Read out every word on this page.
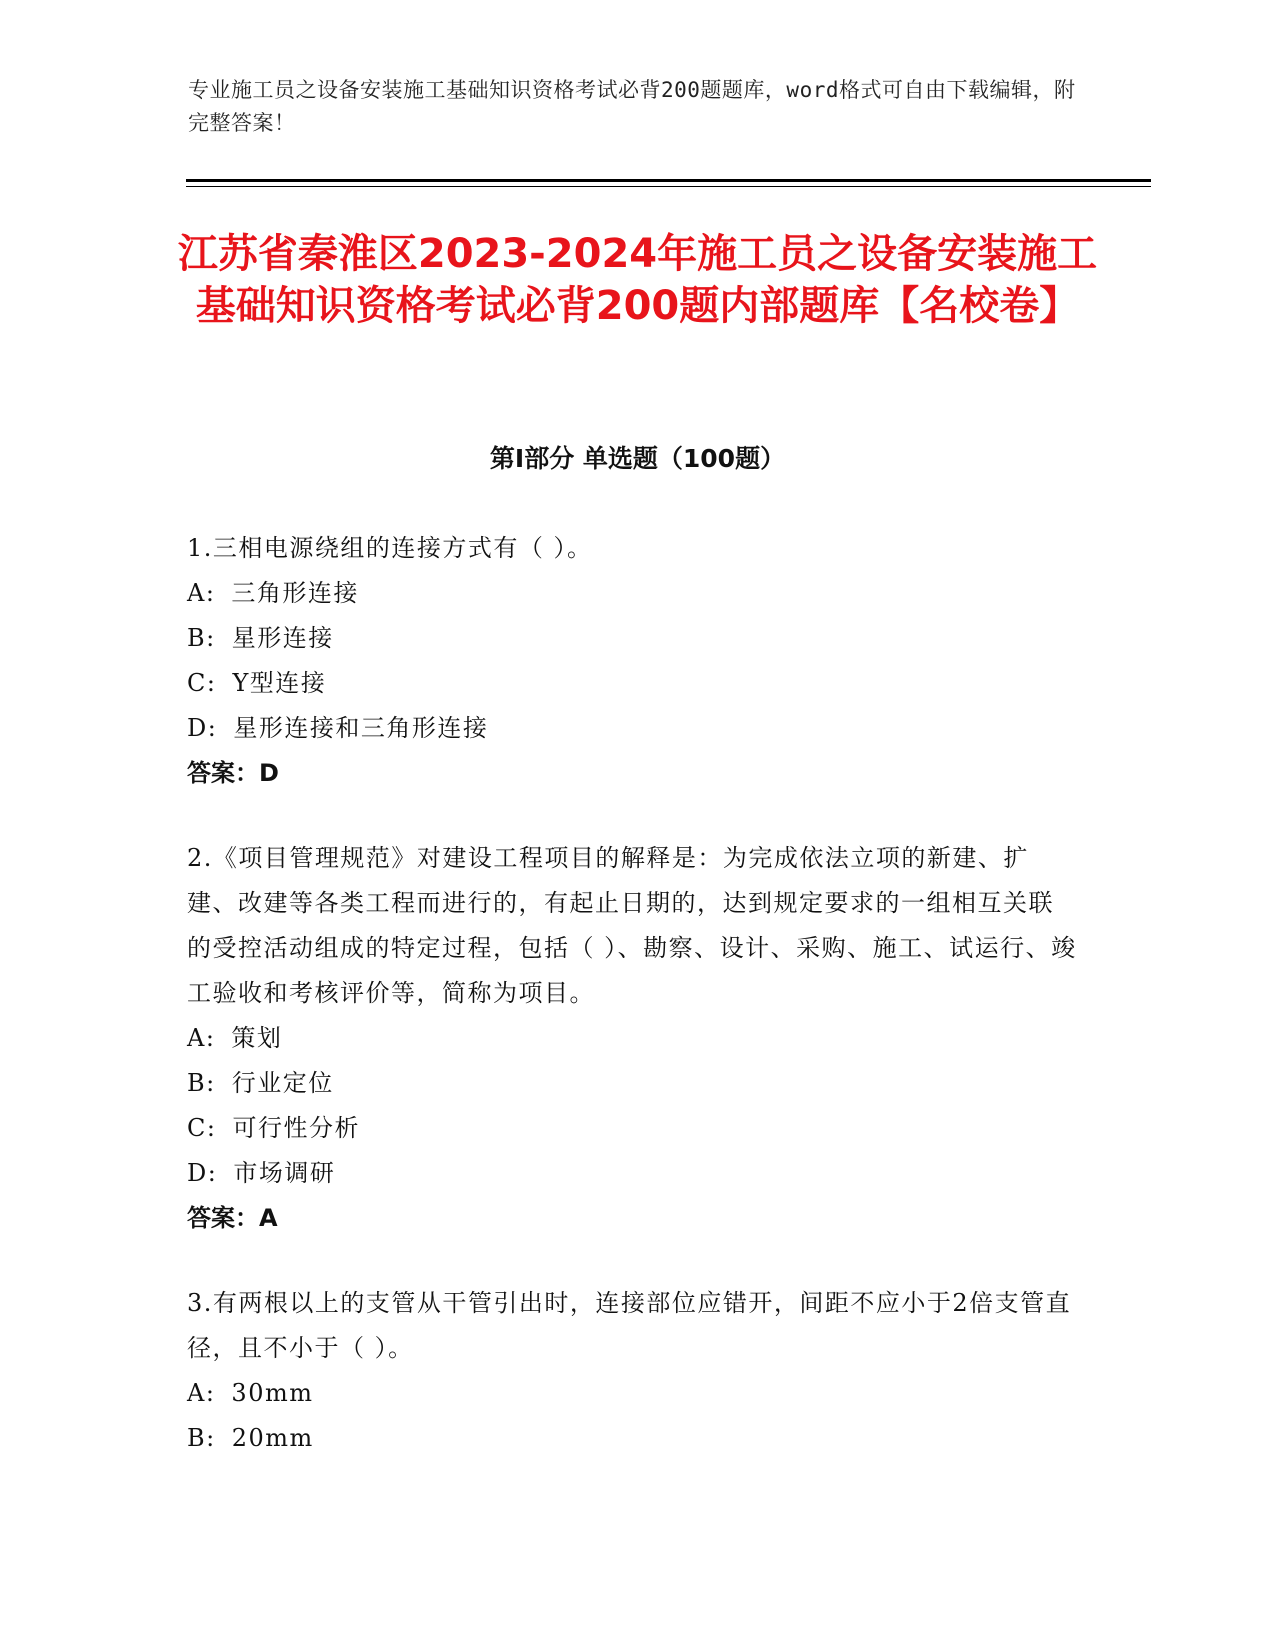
专业施工员之设备安装施工基础知识资格考试必背200题题库，word格式可自由下载编辑，附完整答案！
江苏省秦淮区2023-2024年施工员之设备安装施工基础知识资格考试必背200题内部题库【名校卷】
第Ⅰ部分 单选题（100题）

1.三相电源绕组的连接方式有（ ）。

A: 三角形连接

B: 星形连接

C: Y型连接

D: 星形连接和三角形连接

答案：D

2.《项目管理规范》对建设工程项目的解释是：为完成依法立项的新建、扩建、改建等各类工程而进行的，有起止日期的，达到规定要求的一组相互关联的受控活动组成的特定过程，包括（ ）、勘察、设计、采购、施工、试运行、竣工验收和考核评价等，简称为项目。

A: 策划

B: 行业定位

C: 可行性分析

D: 市场调研

答案：A

3.有两根以上的支管从干管引出时，连接部位应错开，间距不应小于2倍支管直径，且不小于（ ）。

A: 30mm

B: 20mm
